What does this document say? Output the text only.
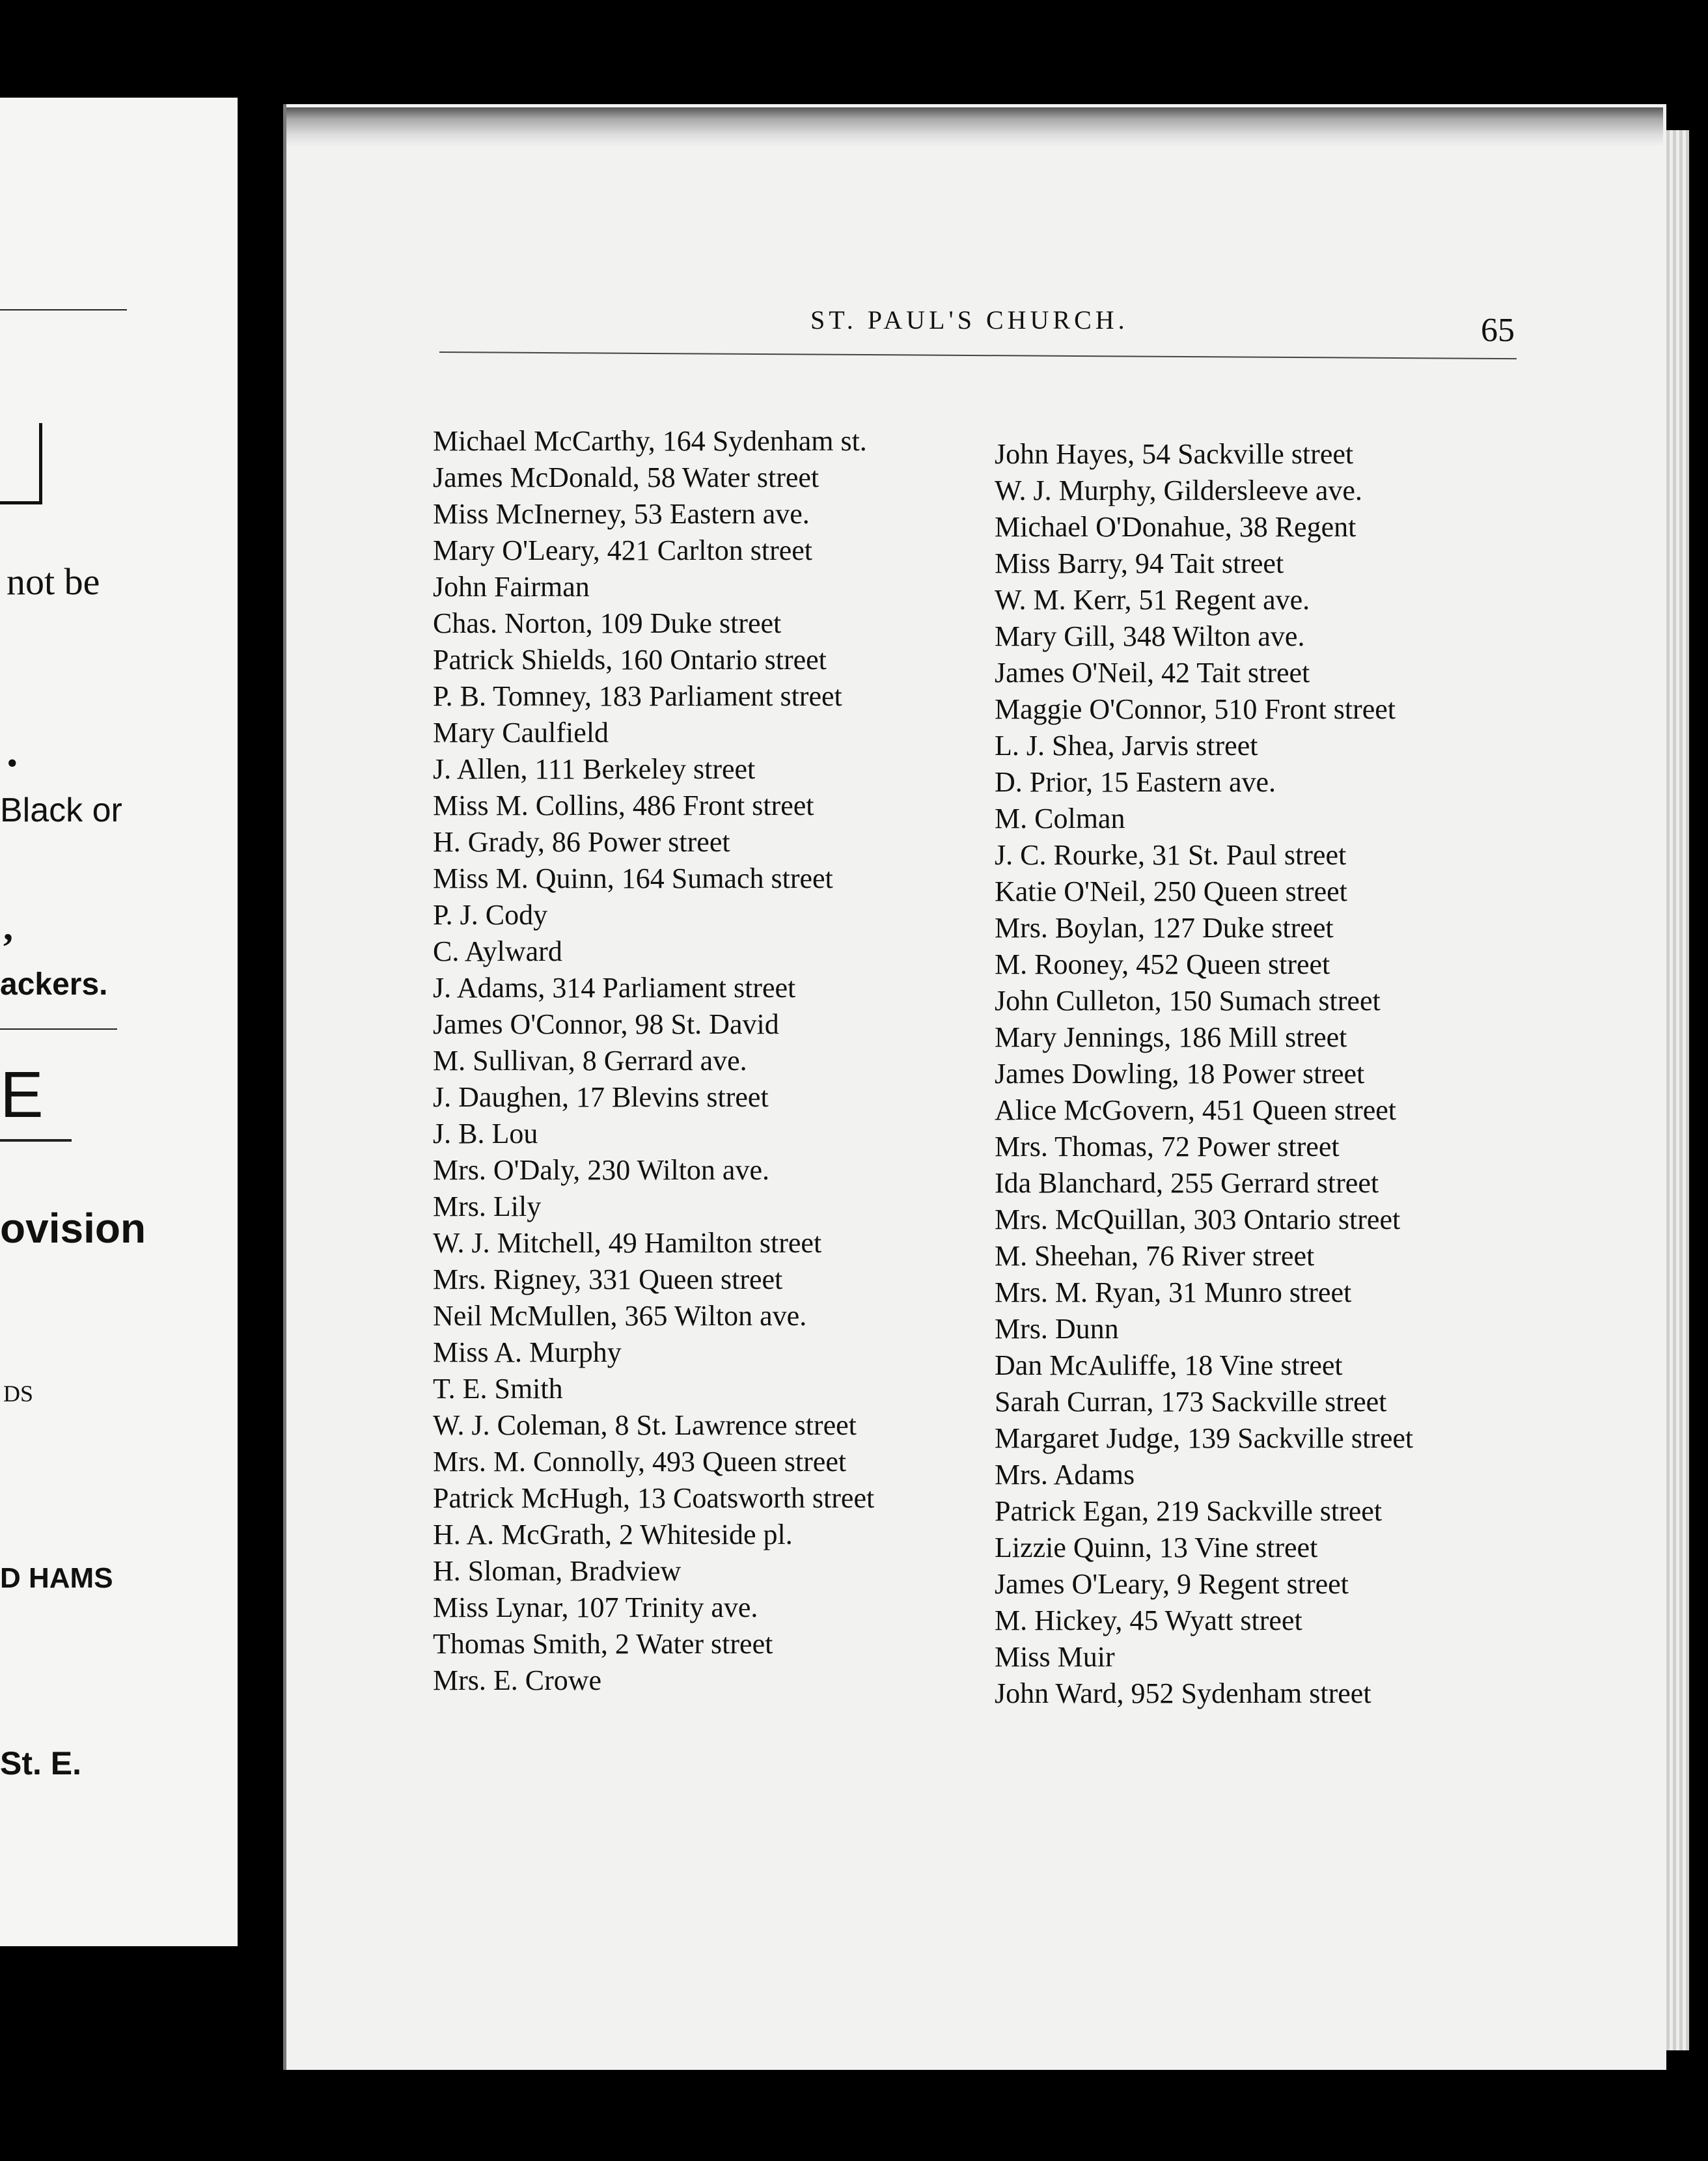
not be
.
Black or
,
ackers.
E
ovision
DS
D HAMS
St. E.
ST. PAUL'S CHURCH.	65
Michael McCarthy, 164 Sydenham st.
James McDonald, 58 Water street
Miss McInerney, 53 Eastern ave.
Mary O'Leary, 421 Carlton street
John Fairman
Chas. Norton, 109 Duke street
Patrick Shields, 160 Ontario street
P. B. Tomney, 183 Parliament street
Mary Caulfield
J. Allen, 111 Berkeley street
Miss M. Collins, 486 Front street
H. Grady, 86 Power street
Miss M. Quinn, 164 Sumach street
P. J. Cody
C. Aylward
J. Adams, 314 Parliament street
James O'Connor, 98 St. David
M. Sullivan, 8 Gerrard ave.
J. Daughen, 17 Blevins street
J. B. Lou
Mrs. O'Daly, 230 Wilton ave.
Mrs. Lily
W. J. Mitchell, 49 Hamilton street
Mrs. Rigney, 331 Queen street
Neil McMullen, 365 Wilton ave.
Miss A. Murphy
T. E. Smith
W. J. Coleman, 8 St. Lawrence street
Mrs. M. Connolly, 493 Queen street
Patrick McHugh, 13 Coatsworth street
H. A. McGrath, 2 Whiteside pl.
H. Sloman, Bradview
Miss Lynar, 107 Trinity ave.
Thomas Smith, 2 Water street
Mrs. E. Crowe
John Hayes, 54 Sackville street
W. J. Murphy, Gildersleeve ave.
Michael O'Donahue, 38 Regent
Miss Barry, 94 Tait street
W. M. Kerr, 51 Regent ave.
Mary Gill, 348 Wilton ave.
James O'Neil, 42 Tait street
Maggie O'Connor, 510 Front street
L. J. Shea, Jarvis street
D. Prior, 15 Eastern ave.
M. Colman
J. C. Rourke, 31 St. Paul street
Katie O'Neil, 250 Queen street
Mrs. Boylan, 127 Duke street
M. Rooney, 452 Queen street
John Culleton, 150 Sumach street
Mary Jennings, 186 Mill street
James Dowling, 18 Power street
Alice McGovern, 451 Queen street
Mrs. Thomas, 72 Power street
Ida Blanchard, 255 Gerrard street
Mrs. McQuillan, 303 Ontario street
M. Sheehan, 76 River street
Mrs. M. Ryan, 31 Munro street
Mrs. Dunn
Dan McAuliffe, 18 Vine street
Sarah Curran, 173 Sackville street
Margaret Judge, 139 Sackville street
Mrs. Adams
Patrick Egan, 219 Sackville street
Lizzie Quinn, 13 Vine street
James O'Leary, 9 Regent street
M. Hickey, 45 Wyatt street
Miss Muir
John Ward, 952 Sydenham street
